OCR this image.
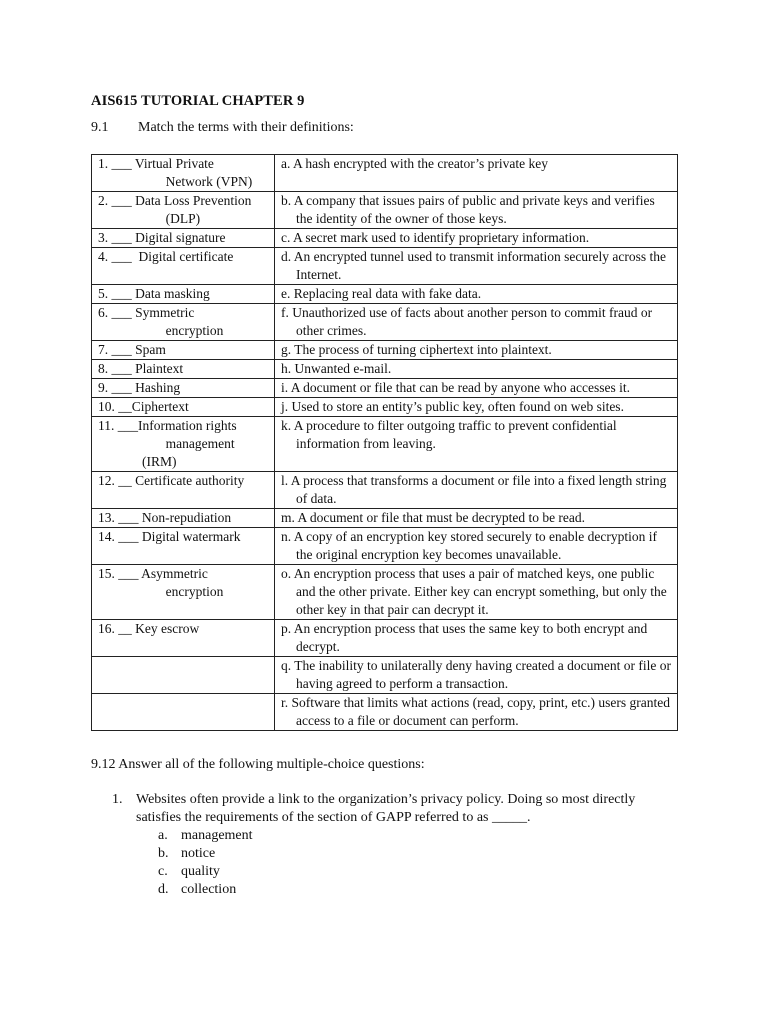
AIS615 TUTORIAL CHAPTER 9
9.1 Match the terms with their definitions:
1. ___ Virtual Private
Network (VPN)	a. A hash encrypted with the creator’s private key

2. ___ Data Loss Prevention
(DLP)	b. A company that issues pairs of public and private keys and verifies the identity of the owner of those keys.

3. ___ Digital signature	c. A secret mark used to identify proprietary information.

4. ___  Digital certificate	d. An encrypted tunnel used to transmit information securely across the Internet.

5. ___ Data masking	e. Replacing real data with fake data.

6. ___ Symmetric
encryption	f. Unauthorized use of facts about another person to commit fraud or other crimes.

7. ___ Spam	g. The process of turning ciphertext into plaintext.

8. ___ Plaintext	h. Unwanted e-mail.

9. ___ Hashing	i. A document or file that can be read by anyone who accesses it.

10. __Ciphertext	j. Used to store an entity’s public key, often found on web sites.

11. ___Information rights
management (IRM)	k. A procedure to filter outgoing traffic to prevent confidential information from leaving.

12. __ Certificate authority	l. A process that transforms a document or file into a fixed length string of data.

13. ___ Non-repudiation	m. A document or file that must be decrypted to be read.

14. ___ Digital watermark	n. A copy of an encryption key stored securely to enable decryption if the original encryption key becomes unavailable.

15. ___ Asymmetric
encryption	o. An encryption process that uses a pair of matched keys, one public and the other private. Either key can encrypt something, but only the other key in that pair can decrypt it.

16. __ Key escrow	p. An encryption process that uses the same key to both encrypt and decrypt.

	q. The inability to unilaterally deny having created a document or file or having agreed to perform a transaction.

	r. Software that limits what actions (read, copy, print, etc.) users granted access to a file or document can perform.
9.12 Answer all of the following multiple-choice questions:
1. Websites often provide a link to the organization’s privacy policy. Doing so most directly satisfies the requirements of the section of GAPP referred to as _____.
a. management
b. notice
c. quality
d. collection
